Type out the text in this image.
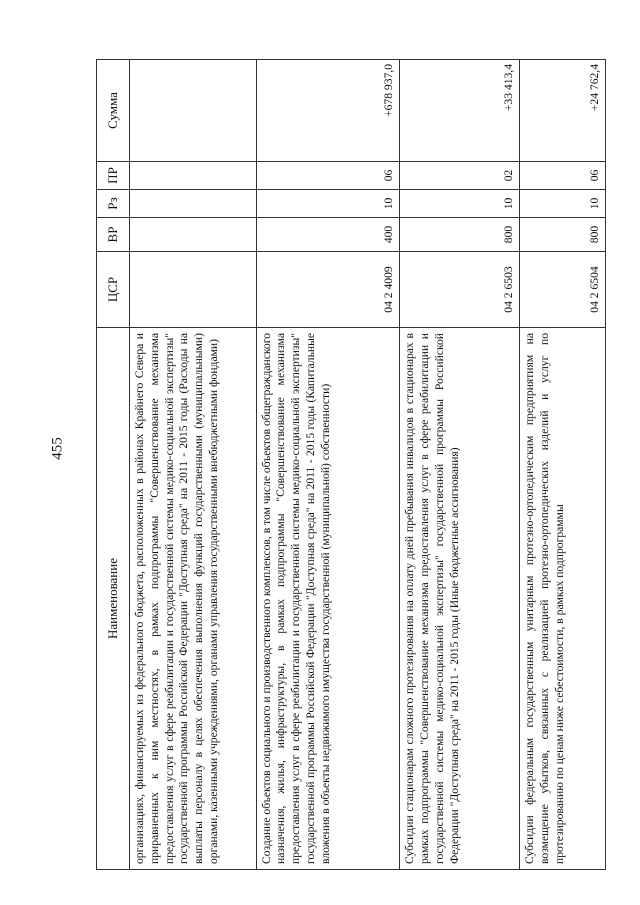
455
Наименование	ЦСР	ВР	Рз	ПР	Сумма
организациях, финансируемых из федерального бюджета, расположенных в районах Крайнего Севера и приравненных к ним местностях, в рамках подпрограммы "Совершенствование механизма предоставления услуг в сфере реабилитации и государственной системы медико-социальной экспертизы" государственной программы Российской Федерации "Доступная среда" на 2011 - 2015 годы (Расходы на выплаты персоналу в целях обеспечения выполнения функций государственными (муниципальными) органами, казенными учреждениями, органами управления государственными внебюджетными фондами)					
Создание объектов социального и производственного комплексов, в том числе объектов общегражданского назначения, жилья, инфраструктуры, в рамках подпрограммы "Совершенствование механизма предоставления услуг в сфере реабилитации и государственной системы медико-социальной экспертизы" государственной программы Российской Федерации "Доступная среда" на 2011 - 2015 годы (Капитальные вложения в объекты недвижимого имущества государственной (муниципальной) собственности)	04 2 4009	400	10	06	+678 937,0
Субсидии стационарам сложного протезирования на оплату дней пребывания инвалидов в стационарах в рамках подпрограммы "Совершенствование механизма предоставления услуг в сфере реабилитации и государственной системы медико-социальной экспертизы" государственной программы Российской Федерации "Доступная среда" на 2011 - 2015 годы (Иные бюджетные ассигнования)	04 2 6503	800	10	02	+33 413,4
Субсидии федеральным государственным унитарным протезно-ортопедическим предприятиям на возмещение убытков, связанных с реализацией протезно-ортопедических изделий и услуг по протезированию по ценам ниже себестоимости, в рамках подпрограммы	04 2 6504	800	10	06	+24 762,4
